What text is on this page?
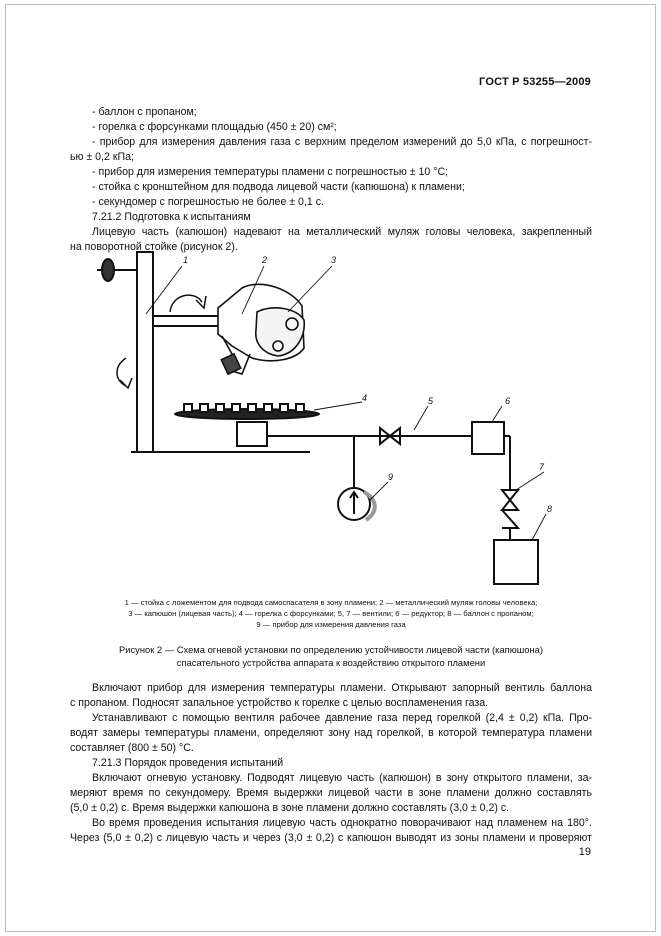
ГОСТ Р 53255—2009
- баллон с пропаном;
- горелка с форсунками площадью (450 ± 20) см²;
- прибор для измерения давления газа с верхним пределом измерений до 5,0 кПа, с погрешност-
ью ± 0,2 кПа;
- прибор для измерения температуры пламени с погрешностью ± 10 °С;
- стойка с кронштейном для подвода лицевой части (капюшона) к пламени;
- секундомер с погрешностью не более ± 0,1 с.
7.21.2 Подготовка к испытаниям
Лицевую часть (капюшон) надевают на металлический муляж головы человека, закрепленный
на поворотной стойке (рисунок 2).
1	2	3
4	5	6
7
8
9
1 — стойка с ложементом для подвода самоспасателя в зону пламени; 2 — металлический муляж головы человека;
3 — капюшон (лицевая часть); 4 — горелка с форсунками; 5, 7 — вентили; 6 — редуктор; 8 — баллон с пропаном;
9 — прибор для измерения давления газа
Рисунок 2 — Схема огневой установки по определению устойчивости лицевой части (капюшона)
спасательного устройства аппарата к воздействию открытого пламени
Включают прибор для измерения температуры пламени. Открывают запорный вентиль баллона
с пропаном. Подносят запальное устройство к горелке с целью воспламенения газа.
Устанавливают с помощью вентиля рабочее давление газа перед горелкой (2,4 ± 0,2) кПа. Про-
водят замеры температуры пламени, определяют зону над горелкой, в которой температура пламени
составляет (800 ± 50) °С.
7.21.3 Порядок проведения испытаний
Включают огневую установку. Подводят лицевую часть (капюшон) в зону открытого пламени, за-
меряют время по секундомеру. Время выдержки лицевой части в зоне пламени должно составлять
(5,0 ± 0,2) с. Время выдержки капюшона в зоне пламени должно составлять (3,0 ± 0,2) с.
Во время проведения испытания лицевую часть однократно поворачивают над пламенем на 180°.
Через (5,0 ± 0,2) с лицевую часть и через (3,0 ± 0,2) с капюшон выводят из зоны пламени и проверяют
19
